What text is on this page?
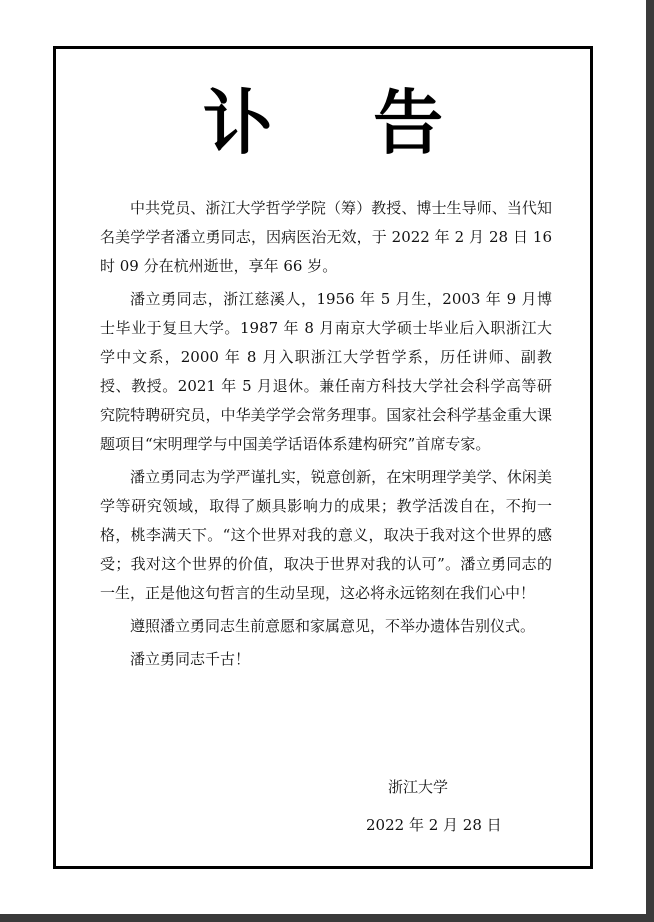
讣 告

中共党员、浙江大学哲学学院（筹）教授、博士生导师、当代知名美学学者潘立勇同志，因病医治无效，于 2022 年 2 月 28 日 16 时 09 分在杭州逝世，享年 66 岁。

潘立勇同志，浙江慈溪人，1956 年 5 月生，2003 年 9 月博士毕业于复旦大学。1987 年 8 月南京大学硕士毕业后入职浙江大学中文系，2000 年 8 月入职浙江大学哲学系，历任讲师、副教授、教授。2021 年 5 月退休。兼任南方科技大学社会科学高等研究院特聘研究员，中华美学学会常务理事。国家社会科学基金重大课题项目“宋明理学与中国美学话语体系建构研究”首席专家。

潘立勇同志为学严谨扎实，锐意创新，在宋明理学美学、休闲美学等研究领域，取得了颇具影响力的成果；教学活泼自在，不拘一格，桃李满天下。“这个世界对我的意义，取决于我对这个世界的感受；我对这个世界的价值，取决于世界对我的认可”。潘立勇同志的一生，正是他这句哲言的生动呈现，这必将永远铭刻在我们心中！

遵照潘立勇同志生前意愿和家属意见，不举办遗体告别仪式。

潘立勇同志千古！

浙江大学
2022 年 2 月 28 日
